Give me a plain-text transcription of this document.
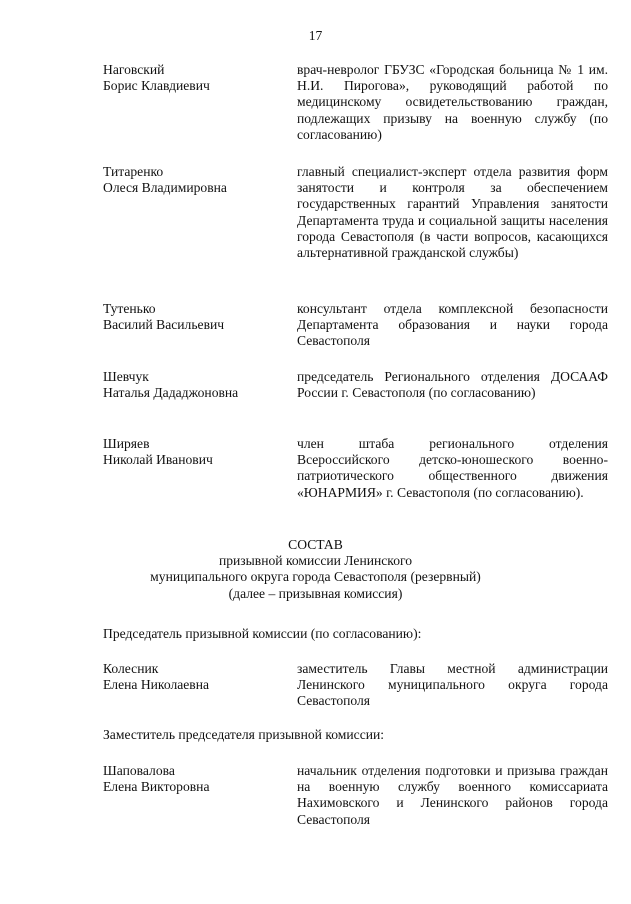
17
Наговский
Борис Клавдиевич
врач-невролог ГБУЗС «Городская больница № 1 им. Н.И. Пирогова», руководящий работой по медицинскому освидетельствованию граждан, подлежащих призыву на военную службу (по согласованию)
Титаренко
Олеся Владимировна
главный специалист-эксперт отдела развития форм занятости и контроля за обеспечением государственных гарантий Управления занятости Департамента труда и социальной защиты населения города Севастополя (в части вопросов, касающихся альтернативной гражданской службы)
Тутенько
Василий Васильевич
консультант отдела комплексной безопасности Департамента образования и науки города Севастополя
Шевчук
Наталья Дададжоновна
председатель Регионального отделения ДОСААФ России г. Севастополя (по согласованию)
Ширяев
Николай Иванович
член штаба регионального отделения Всероссийского детско-юношеского военно-патриотического общественного движения «ЮНАРМИЯ» г. Севастополя (по согласованию).
СОСТАВ
призывной комиссии Ленинского
муниципального округа города Севастополя (резервный)
(далее – призывная комиссия)
Председатель призывной комиссии (по согласованию):
Колесник
Елена Николаевна
заместитель Главы местной администрации Ленинского муниципального округа города Севастополя
Заместитель председателя призывной комиссии:
Шаповалова
Елена Викторовна
начальник отделения подготовки и призыва граждан на военную службу военного комиссариата Нахимовского и Ленинского районов города Севастополя
